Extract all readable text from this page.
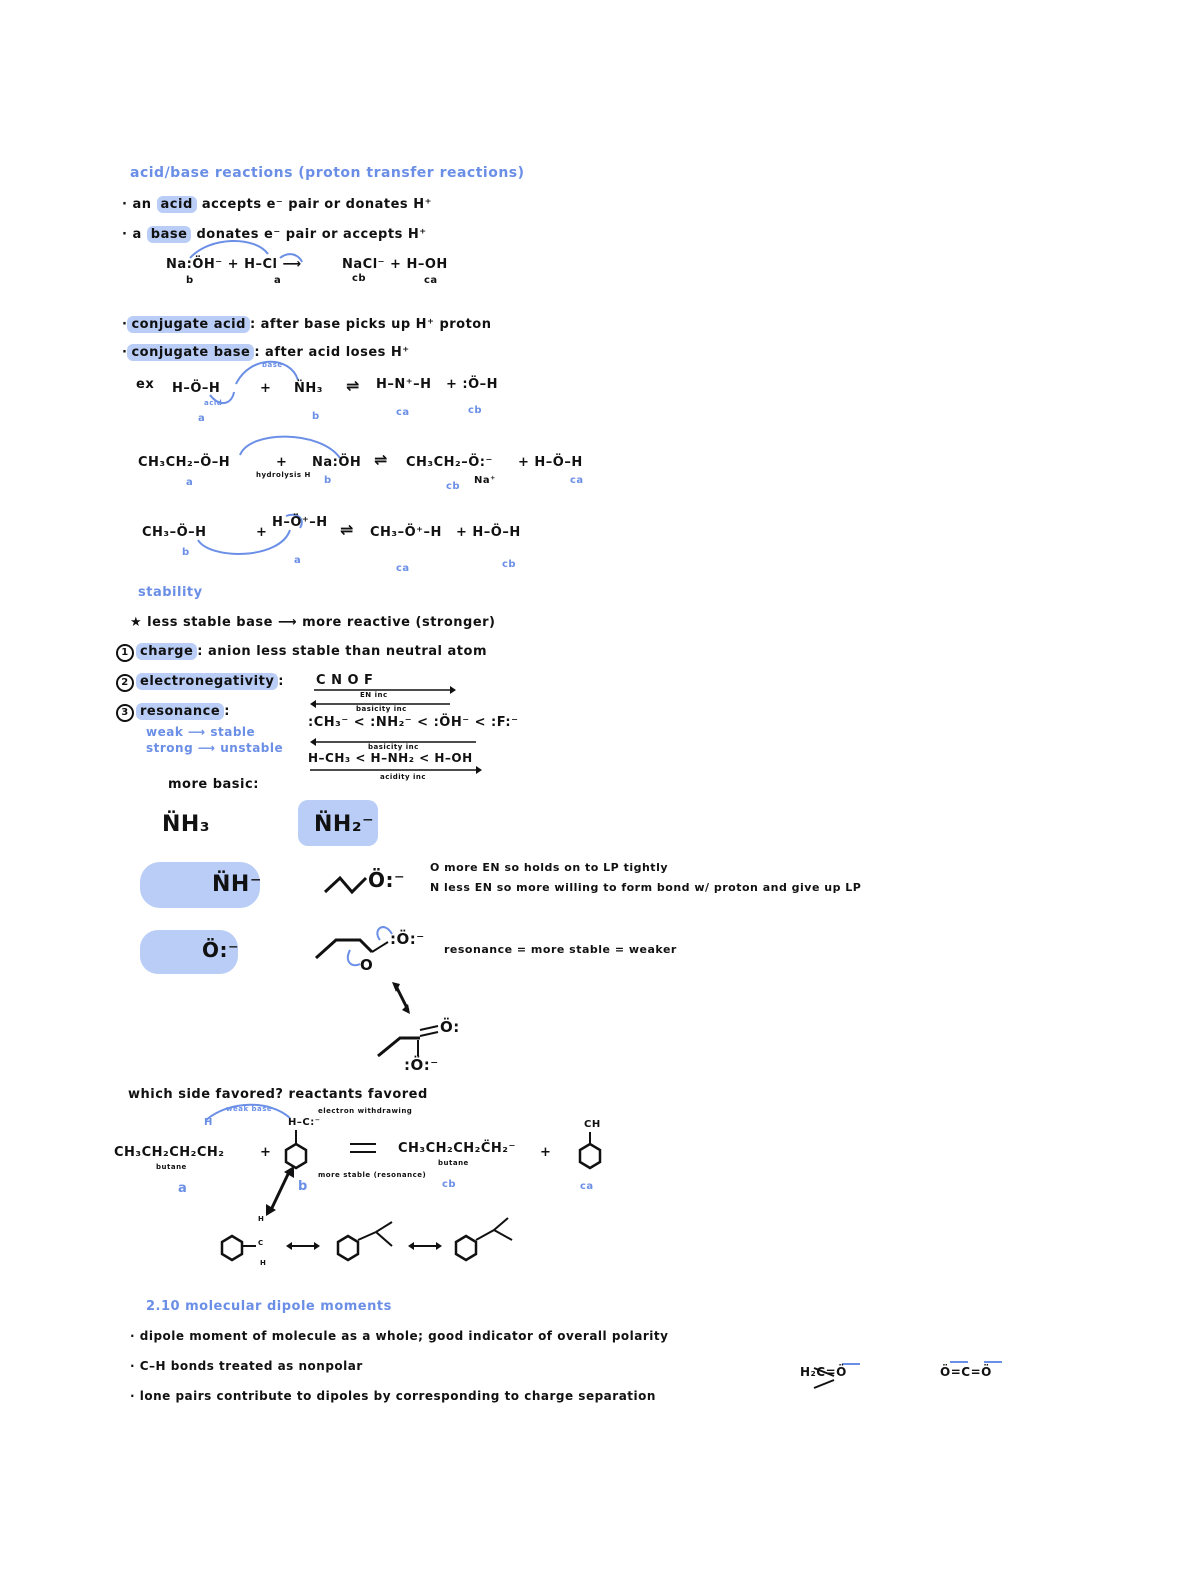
acid/base reactions (proton transfer reactions)
· an acid accepts e⁻ pair or donates H⁺
· a base donates e⁻ pair or accepts H⁺
Na:ÖH⁻ + H–Cl ⟶	NaCl⁻ + H–OH
b	a	cb	ca
· conjugate acid : after base picks up H⁺ proton
· conjugate base : after acid loses H⁺
ex H–Ö–H	+ N̈H₃ ⇌ H–N⁺–H + :Ö–H
base
acid
a	b	ca	cb
CH₃CH₂–Ö–H	+ Na:ÖH ⇌ CH₃CH₂–Ö:⁻
Na⁺
+ H–Ö–H
hydrolysis H
a	b
cb
ca
CH₃–Ö–H	+
H–Ö⁺–H ⇌ CH₃–Ö⁺–H + H–Ö–H
b
a
ca	cb
stability
★ less stable base ⟶ more reactive (stronger)
1 charge : anion less stable than neutral atom
2 electronegativity :
3 resonance :
weak ⟶ stable
strong ⟶ unstable
C N O F
EN inc
basicity inc
:CH₃⁻ < :NH₂⁻ < :ÖH⁻ < :F:⁻
basicity inc
H–CH₃ < H–NH₂ < H–OH
acidity inc
more basic:
N̈H₃	N̈H₂⁻
N̈H⁻	Ö:⁻
O more EN so holds on to LP tightly
N less EN so more willing to form bond w/ proton and give up LP
Ö:⁻	:Ö:⁻
O
resonance = more stable = weaker
Ö:
:Ö:⁻
which side favored? reactants favored
weak base	electron withdrawing
H
CH₃CH₂CH₂CH₂
butane
+
H–C:⁻
CH₃CH₂CH₂C̈H₂⁻
butane
+
CH
more stable (resonance)
a	b	cb	ca
H
C
H
2.10 molecular dipole moments
· dipole moment of molecule as a whole; good indicator of overall polarity
· C–H bonds treated as nonpolar
· lone pairs contribute to dipoles by corresponding to charge separation
H₂C=Ö	Ö=C=Ö
